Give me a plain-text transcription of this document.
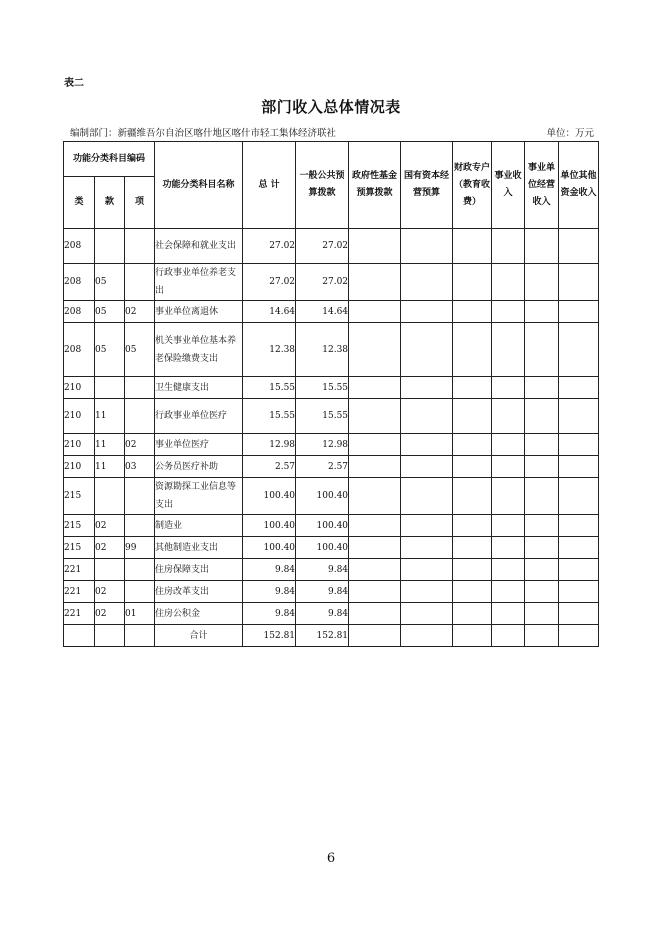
表二
部门收入总体情况表
编制部门：新疆维吾尔自治区喀什地区喀什市轻工集体经济联社	单位：万元
功能分类科目编码			功能分类科目名称	总 计	一般公共预算拨款	政府性基金预算拨款	国有资本经营预算	财政专户（教育收费）	事业收入	事业单位经营收入	单位其他资金收入
类	款	项									
208			社会保障和就业支出	27.02	27.02						
208	05		行政事业单位养老支出	27.02	27.02						
208	05	02	事业单位离退休	14.64	14.64						
208	05	05	机关事业单位基本养老保险缴费支出	12.38	12.38						
210			卫生健康支出	15.55	15.55						
210	11		行政事业单位医疗	15.55	15.55						
210	11	02	事业单位医疗	12.98	12.98						
210	11	03	公务员医疗补助	2.57	2.57						
215			资源勘探工业信息等支出	100.40	100.40						
215	02		制造业	100.40	100.40						
215	02	99	其他制造业支出	100.40	100.40						
221			住房保障支出	9.84	9.84						
221	02		住房改革支出	9.84	9.84						
221	02	01	住房公积金	9.84	9.84						
			合计	152.81	152.81						
6
